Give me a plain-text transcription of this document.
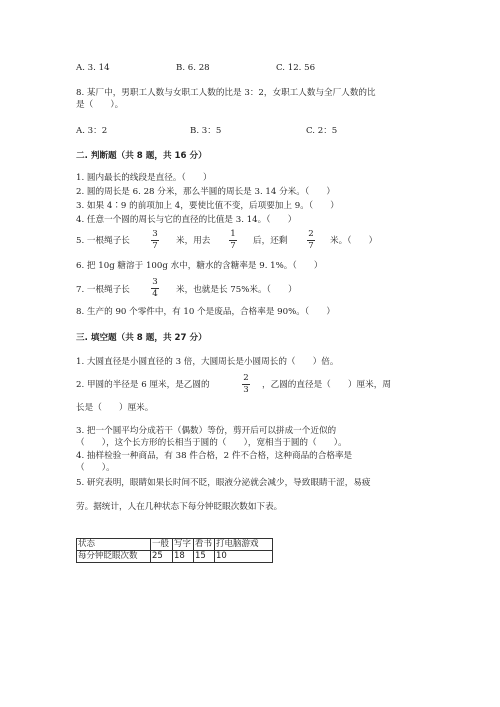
A. 3. 14	B. 6. 28	C. 12. 56
8. 某厂中，男职工人数与女职工人数的比是 3：2，女职工人数与全厂人数的比
是（　　）。
A. 3：2	B. 3：5	C. 2：5
二. 判断题（共 8 题，共 16 分）
1. 圆内最长的线段是直径。（　　）
2. 圆的周长是 6. 28 分米，那么半圆的周长是 3. 14 分米。（　　）
3. 如果 4∶9 的前项加上 4，要使比值不变，后项要加上 9。（　　）
4. 任意一个圆的周长与它的直径的比值是 3. 14。（　　）
5. 一根绳子长
3
7 米，用去
1
7 后，还剩
2
7 米。（　　）
6. 把 10g 糖溶于 100g 水中，糖水的含糖率是 9. 1%。（　　）
7. 一根绳子长
3
4 米，也就是长 75%米。（　　）
8. 生产的 90 个零件中，有 10 个是废品，合格率是 90%。（　　）
三. 填空题（共 8 题，共 27 分）
1. 大圆直径是小圆直径的 3 倍，大圆周长是小圆周长的（　　）倍。
2. 甲圆的半径是 6 厘米，是乙圆的
2
3 ，乙圆的直径是（　　）厘米，周
长是（　　）厘米。
3. 把一个圆平均分成若干（偶数）等份，剪开后可以拼成一个近似的
（　　），这个长方形的长相当于圆的（　　），宽相当于圆的（　　）。
4. 抽样检验一种商品，有 38 件合格，2 件不合格，这种商品的合格率是
（　　）。
5. 研究表明，眼睛如果长时间不眨，眼液分泌就会减少，导致眼睛干涩，易疲
劳。据统计，人在几种状态下每分钟眨眼次数如下表。
状态	一般	写字	看书	打电脑游戏
每分钟眨眼次数	25	18	15	10
